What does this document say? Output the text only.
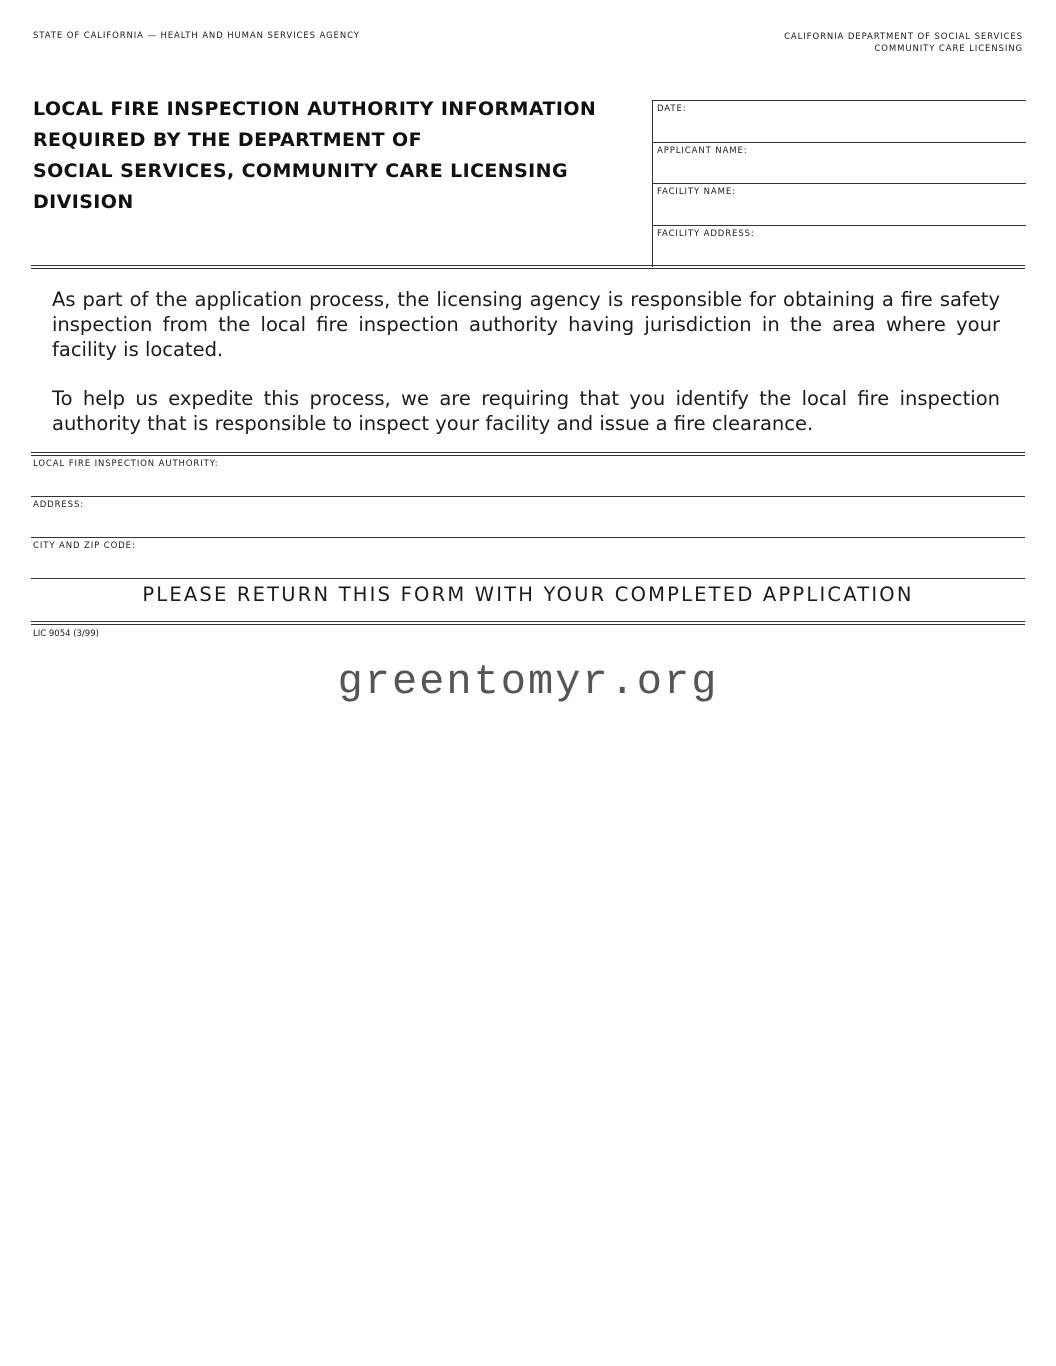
STATE OF CALIFORNIA — HEALTH AND HUMAN SERVICES AGENCY	CALIFORNIA DEPARTMENT OF SOCIAL SERVICES
COMMUNITY CARE LICENSING
LOCAL FIRE INSPECTION AUTHORITY INFORMATION
REQUIRED BY THE DEPARTMENT OF
SOCIAL SERVICES, COMMUNITY CARE LICENSING
DIVISION
DATE:
APPLICANT NAME:
FACILITY NAME:
FACILITY ADDRESS:
As part of the application process, the licensing agency is responsible for obtaining a fire safety inspection from the local fire inspection authority having jurisdiction in the area where your facility is located.
To help us expedite this process, we are requiring that you identify the local fire inspection authority that is responsible to inspect your facility and issue a fire clearance.
LOCAL FIRE INSPECTION AUTHORITY:
ADDRESS:
CITY AND ZIP CODE:
PLEASE RETURN THIS FORM WITH YOUR COMPLETED APPLICATION
LIC 9054 (3/99)
greentomyr.org
